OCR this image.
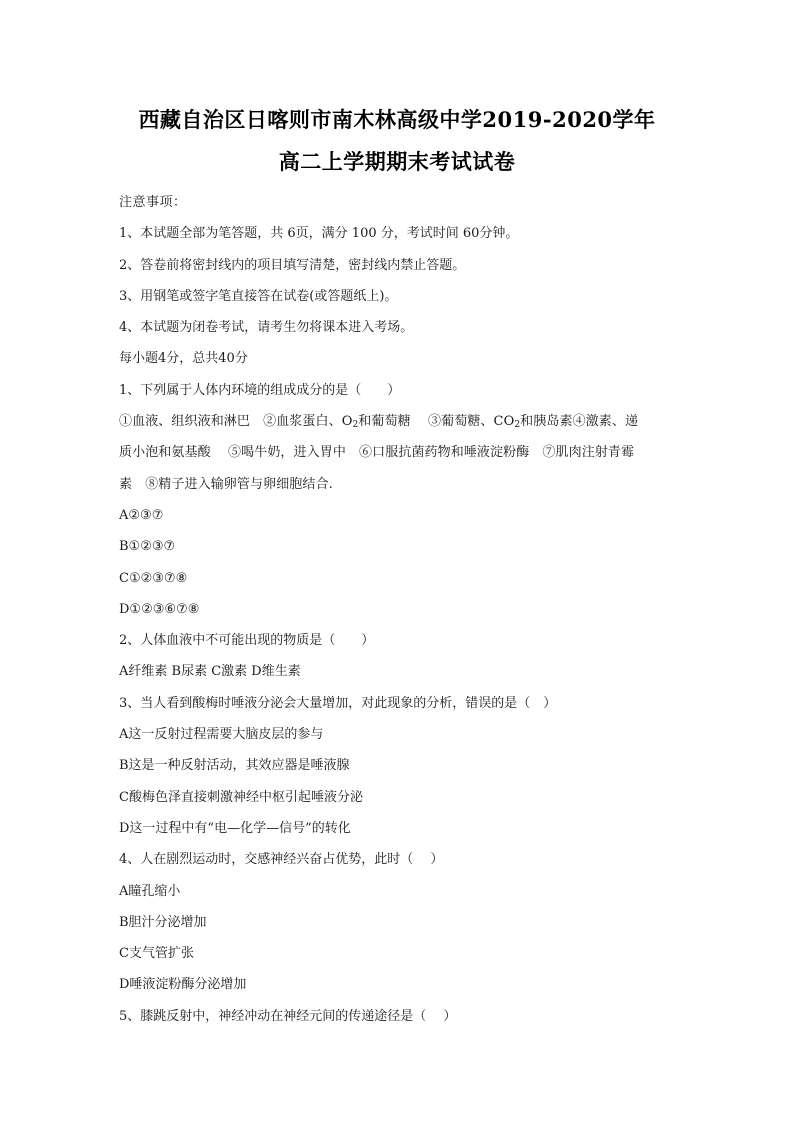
西藏自治区日喀则市南木林高级中学2019-2020学年
高二上学期期末考试试卷
注意事项：
1、本试题全部为笔答题，共 6页，满分 100 分，考试时间 60分钟。
2、答卷前将密封线内的项目填写清楚，密封线内禁止答题。
3、用钢笔或签字笔直接答在试卷(或答题纸上)。
4、本试题为闭卷考试，请考生勿将课本进入考场。
每小题4分，总共40分
1、下列属于人体内环境的组成成分的是（　　）
①血液、组织液和淋巴　②血浆蛋白、$O_2$和葡萄糖　 ③葡萄糖、$CO_2$和胰岛素④激素、递
质小泡和氨基酸　 ⑤喝牛奶，进入胃中　⑥口服抗菌药物和唾液淀粉酶　⑦肌肉注射青霉
素　⑧精子进入输卵管与卵细胞结合.
A②③⑦
B①②③⑦
C①②③⑦⑧
D①②③⑥⑦⑧
2、人体血液中不可能出现的物质是（　　）
A纤维素 B尿素 C激素 D维生素
3、当人看到酸梅时唾液分泌会大量增加，对此现象的分析，错误的是（　）
A这一反射过程需要大脑皮层的参与
B这是一种反射活动，其效应器是唾液腺
C酸梅色泽直接刺激神经中枢引起唾液分泌
D这一过程中有“电—化学—信号”的转化
4、人在剧烈运动时，交感神经兴奋占优势，此时（　 ）
A瞳孔缩小
B胆汁分泌增加
C支气管扩张
D唾液淀粉酶分泌增加
5、膝跳反射中，神经冲动在神经元间的传递途径是（　 ）
